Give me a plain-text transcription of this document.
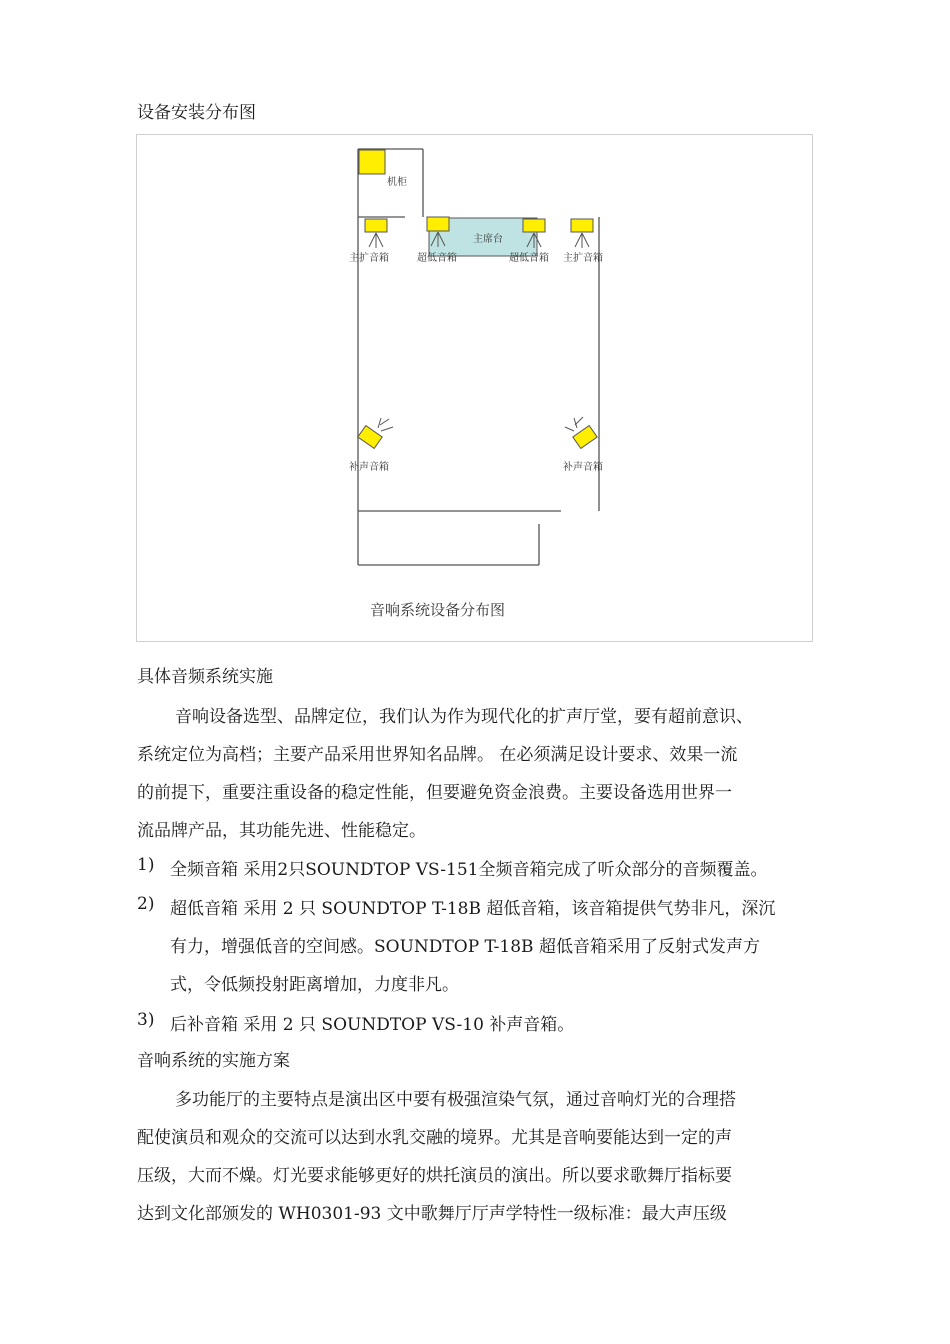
设备安装分布图
机柜
主席台
主扩音箱	超低音箱	超低音箱 主扩音箱
补声音箱	补声音箱
音响系统设备分布图
具体音频系统实施
音响设备选型、品牌定位，我们认为作为现代化的扩声厅堂，要有超前意识、
系统定位为高档；主要产品采用世界知名品牌。 在必须满足设计要求、效果一流
的前提下，重要注重设备的稳定性能，但要避免资金浪费。主要设备选用世界一
流品牌产品，其功能先进、性能稳定。
1) 全频音箱 采用2只SOUNDTOP VS-151全频音箱完成了听众部分的音频覆盖。
2) 超低音箱 采用 2 只 SOUNDTOP T-18B 超低音箱，该音箱提供气势非凡，深沉
有力，增强低音的空间感。SOUNDTOP T-18B 超低音箱采用了反射式发声方
式，令低频投射距离增加，力度非凡。
3) 后补音箱 采用 2 只 SOUNDTOP VS-10 补声音箱。
音响系统的实施方案
多功能厅的主要特点是演出区中要有极强渲染气氛，通过音响灯光的合理搭
配使演员和观众的交流可以达到水乳交融的境界。尤其是音响要能达到一定的声
压级，大而不燥。灯光要求能够更好的烘托演员的演出。所以要求歌舞厅指标要
达到文化部颁发的 WH0301-93 文中歌舞厅厅声学特性一级标准：最大声压级
